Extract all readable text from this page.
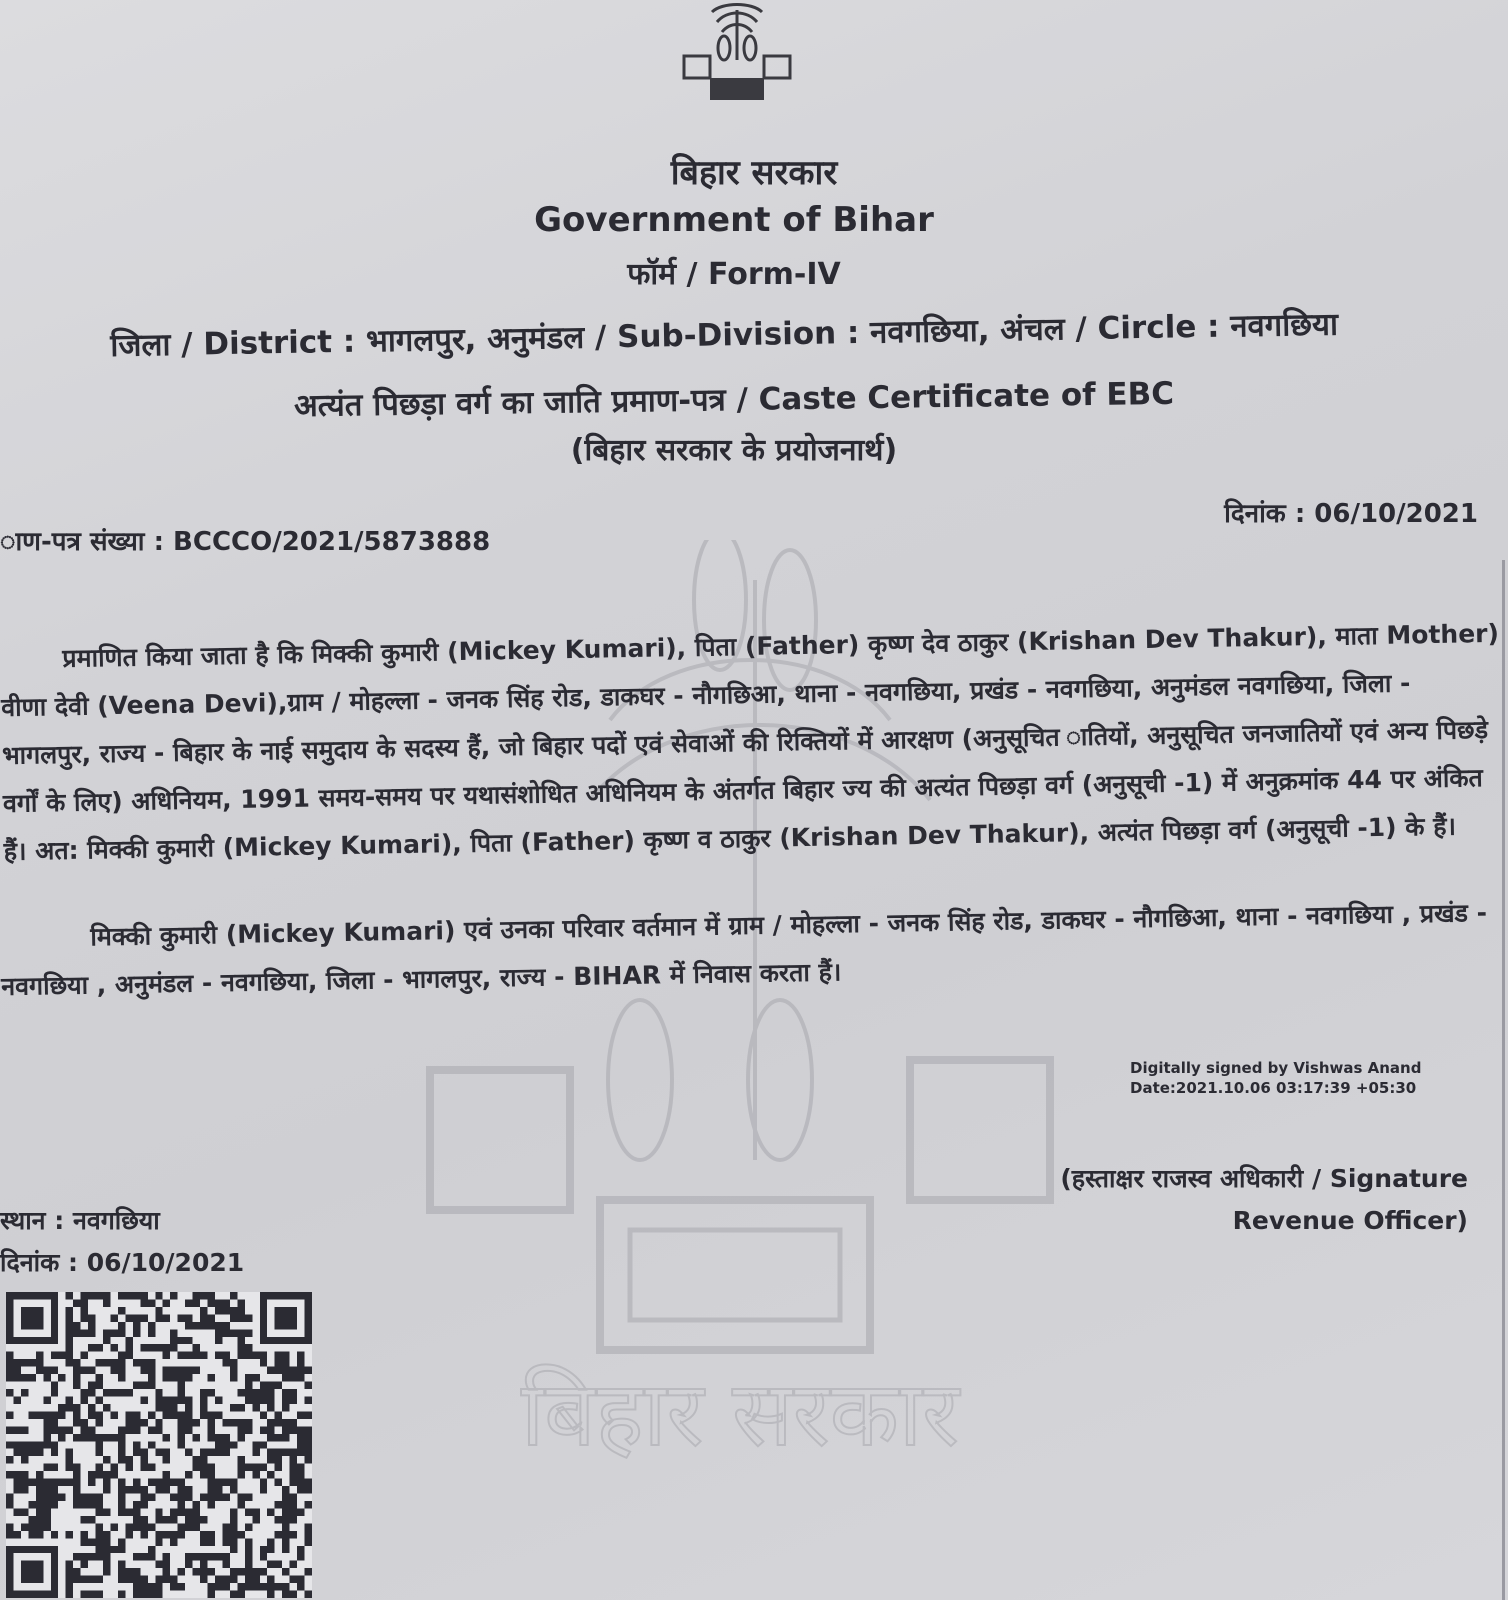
बिहार सरकार
बिहार सरकार
Government of Bihar
फॉर्म / Form-IV
जिला / District : भागलपुर, अनुमंडल / Sub-Division : नवगछिया, अंचल / Circle : नवगछिया
अत्यंत पिछड़ा वर्ग का जाति प्रमाण-पत्र / Caste Certificate of EBC
(बिहार सरकार के प्रयोजनार्थ)
ाण-पत्र संख्या : BCCCO/2021/5873888
दिनांक : 06/10/2021
प्रमाणित किया जाता है कि मिक्की कुमारी (Mickey Kumari), पिता (Father) कृष्ण देव ठाकुर (Krishan Dev Thakur), माता Mother) वीणा देवी (Veena Devi),ग्राम / मोहल्ला - जनक सिंह रोड, डाकघर - नौगछिआ, थाना - नवगछिया, प्रखंड - नवगछिया, अनुमंडल नवगछिया, जिला - भागलपुर, राज्य - बिहार के नाई समुदाय के सदस्य हैं, जो बिहार पदों एवं सेवाओं की रिक्तियों में आरक्षण (अनुसूचित ातियों, अनुसूचित जनजातियों एवं अन्य पिछड़े वर्गों के लिए) अधिनियम, 1991 समय-समय पर यथासंशोधित अधिनियम के अंतर्गत बिहार ज्य की अत्यंत पिछड़ा वर्ग (अनुसूची -1) में अनुक्रमांक 44 पर अंकित हैं। अत: मिक्की कुमारी (Mickey Kumari), पिता (Father) कृष्ण व ठाकुर (Krishan Dev Thakur), अत्यंत पिछड़ा वर्ग (अनुसूची -1) के हैं।
मिक्की कुमारी (Mickey Kumari) एवं उनका परिवार वर्तमान में ग्राम / मोहल्ला - जनक सिंह रोड, डाकघर - नौगछिआ, थाना - नवगछिया , प्रखंड - नवगछिया , अनुमंडल - नवगछिया, जिला - भागलपुर, राज्य - BIHAR में निवास करता हैं।
Digitally signed by Vishwas Anand
Date:2021.10.06 03:17:39 +05:30
(हस्ताक्षर राजस्व अधिकारी / Signature
Revenue Officer)
स्थान : नवगछिया
दिनांक : 06/10/2021
